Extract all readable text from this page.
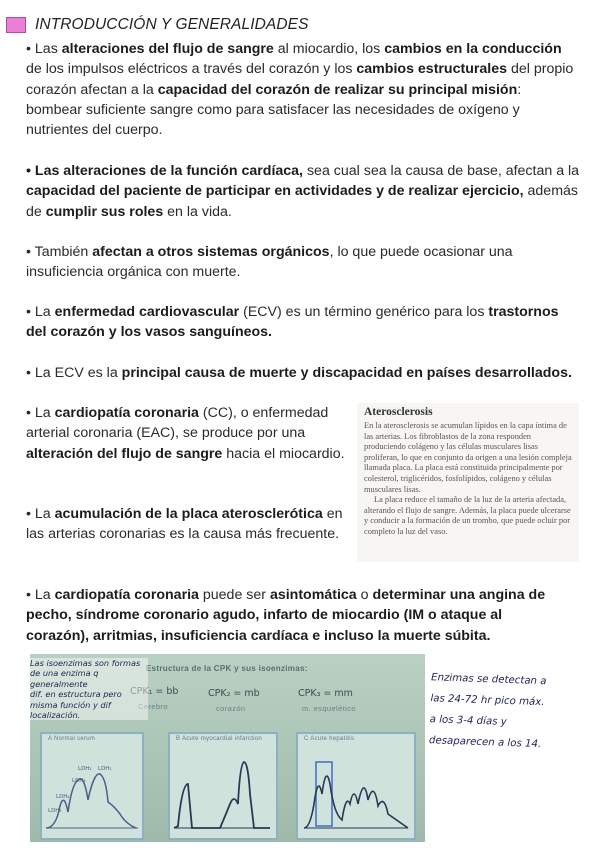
INTRODUCCIÓN Y GENERALIDADES
• Las alteraciones del flujo de sangre al miocardio, los cambios en la conducción de los impulsos eléctricos a través del corazón y los cambios estructurales del propio corazón afectan a la capacidad del corazón de realizar su principal misión: bombear suficiente sangre como para satisfacer las necesidades de oxígeno y nutrientes del cuerpo.
• Las alteraciones de la función cardíaca, sea cual sea la causa de base, afectan a la capacidad del paciente de participar en actividades y de realizar ejercicio, además de cumplir sus roles en la vida.
• También afectan a otros sistemas orgánicos, lo que puede ocasionar una insuficiencia orgánica con muerte.
• La enfermedad cardiovascular (ECV) es un término genérico para los trastornos del corazón y los vasos sanguíneos.
• La ECV es la principal causa de muerte y discapacidad en países desarrollados.
• La cardiopatía coronaria (CC), o enfermedad arterial coronaria (EAC), se produce por una alteración del flujo de sangre hacia el miocardio.
• La acumulación de la placa aterosclerótica en las arterias coronarias es la causa más frecuente.
• La cardiopatía coronaria puede ser asintomática o determinar una angina de pecho, síndrome coronario agudo, infarto de miocardio (IM o ataque al corazón), arritmias, insuficiencia cardíaca e incluso la muerte súbita.
Aterosclerosis
En la aterosclerosis se acumulan lípidos en la capa íntima de las arterias. Los fibroblastos de la zona responden produciendo colágeno y las células musculares lisas proliferan, lo que en conjunto da origen a una lesión compleja llamada placa. La placa está constituida principalmente por colesterol, triglicéridos, fosfolípidos, colágeno y células musculares lisas.
La placa reduce el tamaño de la luz de la arteria afectada, alterando el flujo de sangre. Además, la placa puede ulcerarse y conducir a la formación de un trombo, que puede ocluir por completo la luz del vaso.
Estructura de la CPK y sus isoenzimas:
CPK₁ = bb
Cerebro
CPK₂ = mb
corazón
CPK₃ = mm
m. esquelético
A Normal serum
LDH₅
LDH₄
LDH₂
LDH₃
LDH₁
B Acute myocardial infarction	C Acute hepatitis
Las isoenzimas son formas
de una enzima q generalmente
dif. en estructura pero
misma función y dif
localización.
Enzimas se detectan a
las 24-72 hr pico máx.
a los 3-4 días y
desaparecen a los 14.
